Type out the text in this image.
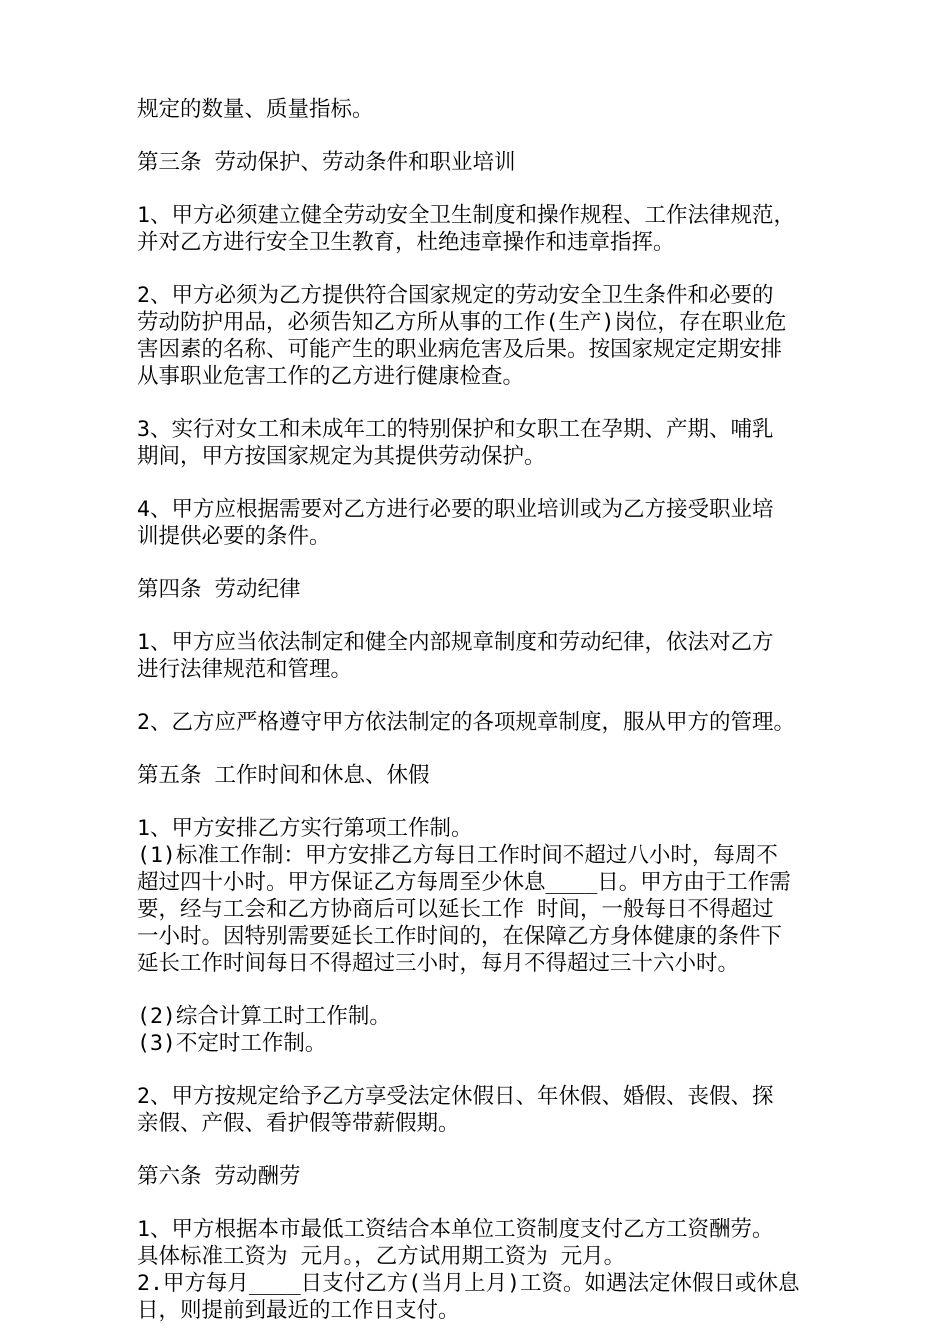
规定的数量、质量指标。
第三条 劳动保护、劳动条件和职业培训
1、甲方必须建立健全劳动安全卫生制度和操作规程、工作法律规范，
并对乙方进行安全卫生教育，杜绝违章操作和违章指挥。
2、甲方必须为乙方提供符合国家规定的劳动安全卫生条件和必要的
劳动防护用品，必须告知乙方所从事的工作(生产)岗位，存在职业危
害因素的名称、可能产生的职业病危害及后果。按国家规定定期安排
从事职业危害工作的乙方进行健康检查。
3、实行对女工和未成年工的特别保护和女职工在孕期、产期、哺乳
期间，甲方按国家规定为其提供劳动保护。
4、甲方应根据需要对乙方进行必要的职业培训或为乙方接受职业培
训提供必要的条件。
第四条 劳动纪律
1、甲方应当依法制定和健全内部规章制度和劳动纪律，依法对乙方
进行法律规范和管理。
2、乙方应严格遵守甲方依法制定的各项规章制度，服从甲方的管理。
第五条 工作时间和休息、休假
1、甲方安排乙方实行第项工作制。
(1)标准工作制：甲方安排乙方每日工作时间不超过八小时，每周不
超过四十小时。甲方保证乙方每周至少休息____日。甲方由于工作需
要，经与工会和乙方协商后可以延长工作 时间，一般每日不得超过
一小时。因特别需要延长工作时间的，在保障乙方身体健康的条件下
延长工作时间每日不得超过三小时，每月不得超过三十六小时。
(2)综合计算工时工作制。
(3)不定时工作制。
2、甲方按规定给予乙方享受法定休假日、年休假、婚假、丧假、探
亲假、产假、看护假等带薪假期。
第六条 劳动酬劳
1、甲方根据本市最低工资结合本单位工资制度支付乙方工资酬劳。
具体标准工资为 元月。，乙方试用期工资为 元月。
2.甲方每月____日支付乙方(当月上月)工资。如遇法定休假日或休息
日，则提前到最近的工作日支付。
